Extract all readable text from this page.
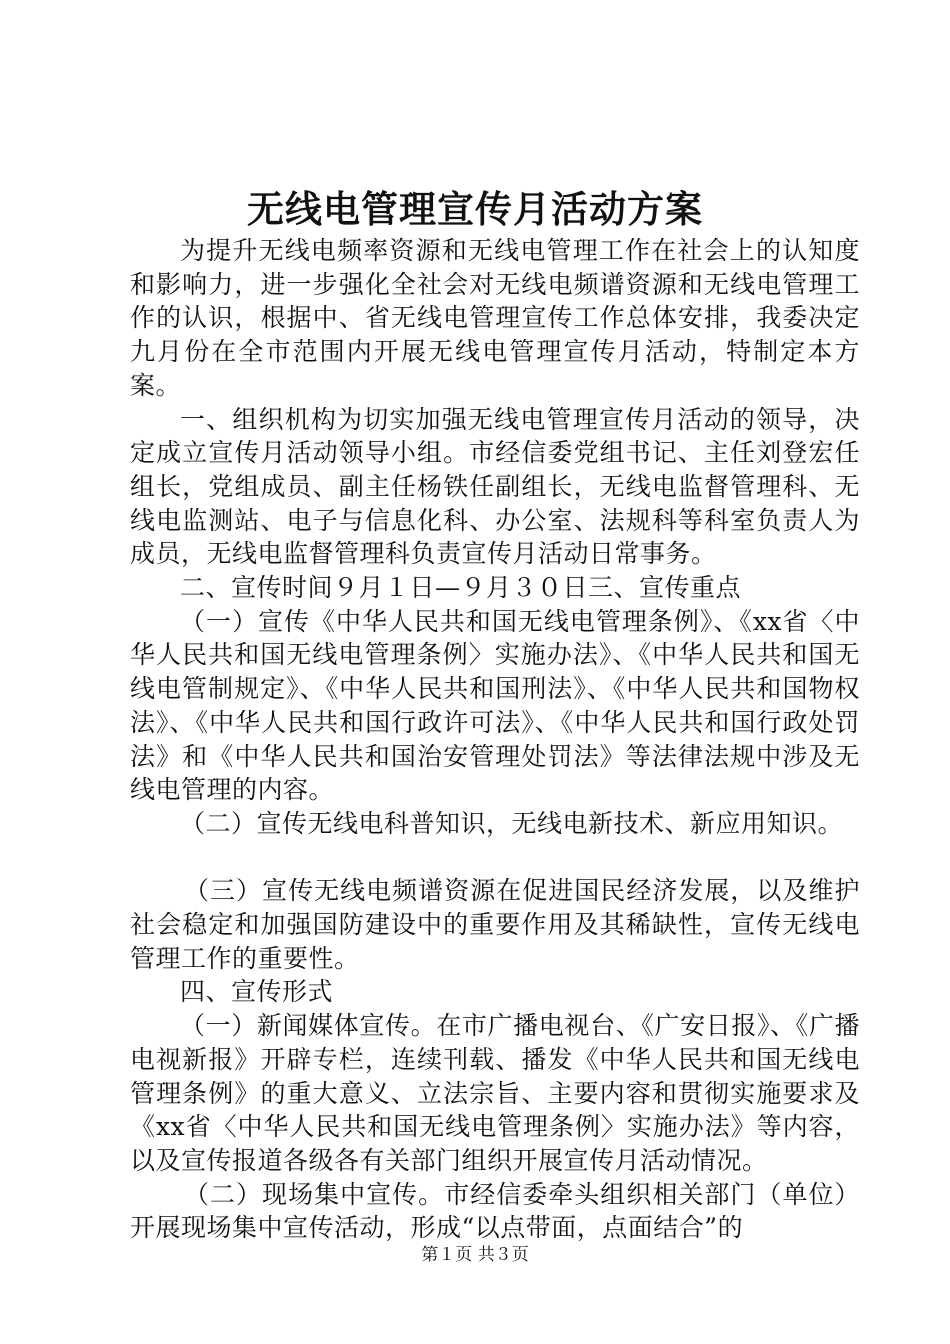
无线电管理宣传月活动方案

为提升无线电频率资源和无线电管理工作在社会上的认知度和影响力，进一步强化全社会对无线电频谱资源和无线电管理工作的认识，根据中、省无线电管理宣传工作总体安排，我委决定九月份在全市范围内开展无线电管理宣传月活动，特制定本方案。

一、组织机构为切实加强无线电管理宣传月活动的领导，决定成立宣传月活动领导小组。市经信委党组书记、主任刘登宏任组长，党组成员、副主任杨铁任副组长，无线电监督管理科、无线电监测站、电子与信息化科、办公室、法规科等科室负责人为成员，无线电监督管理科负责宣传月活动日常事务。

二、宣传时间９月１日—９月３０日三、宣传重点

（一）宣传《中华人民共和国无线电管理条例》、《xx省〈中华人民共和国无线电管理条例〉实施办法》、《中华人民共和国无线电管制规定》、《中华人民共和国刑法》、《中华人民共和国物权法》、《中华人民共和国行政许可法》、《中华人民共和国行政处罚法》和《中华人民共和国治安管理处罚法》等法律法规中涉及无线电管理的内容。

（二）宣传无线电科普知识，无线电新技术、新应用知识。

（三）宣传无线电频谱资源在促进国民经济发展，以及维护社会稳定和加强国防建设中的重要作用及其稀缺性，宣传无线电管理工作的重要性。

四、宣传形式

（一）新闻媒体宣传。在市广播电视台、《广安日报》、《广播电视新报》开辟专栏，连续刊载、播发《中华人民共和国无线电管理条例》的重大意义、立法宗旨、主要内容和贯彻实施要求及《xx省〈中华人民共和国无线电管理条例〉实施办法》等内容，以及宣传报道各级各有关部门组织开展宣传月活动情况。

（二）现场集中宣传。市经信委牵头组织相关部门（单位）开展现场集中宣传活动，形成“以点带面，点面结合”的

第１页 共３页
